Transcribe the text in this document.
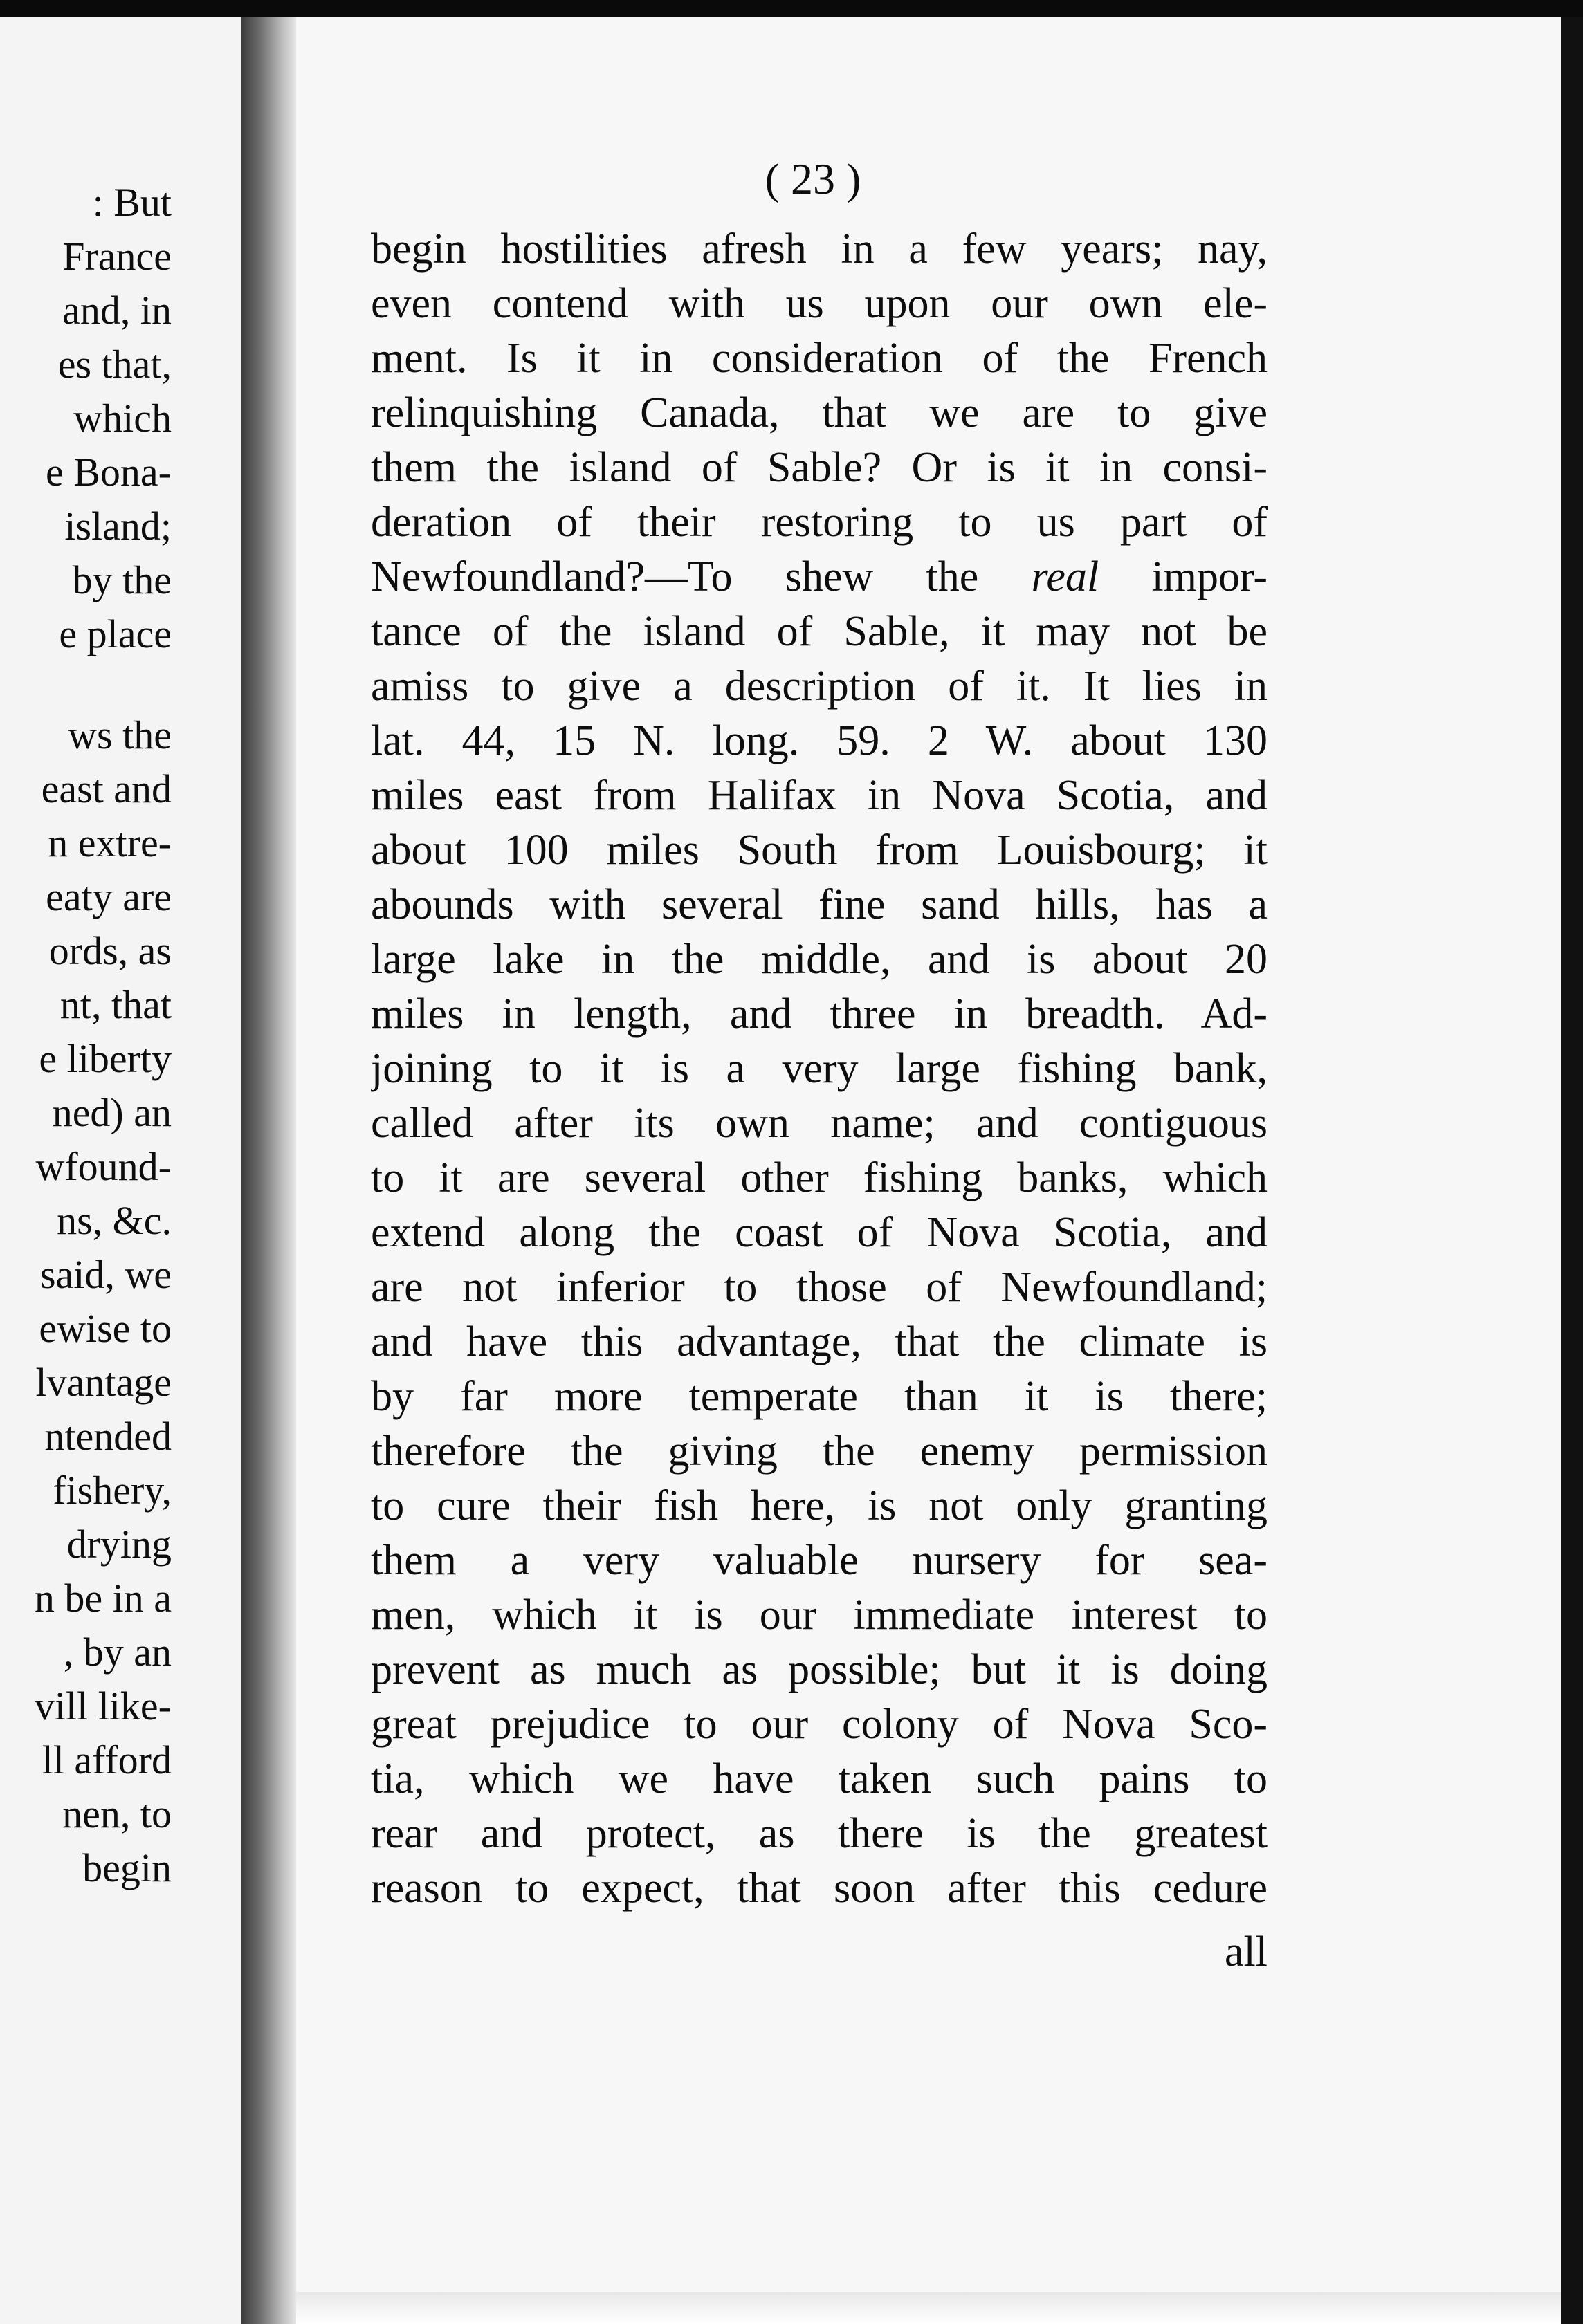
: But
France
and, in
es that,
which
e Bona-
island;
by the
e place
ws the
east and
n extre-
eaty are
ords, as
nt, that
e liberty
ned) an
wfound-
ns, &c.
said, we
ewise to
lvantage
ntended
fishery,
drying
n be in a
, by an
vill like-
ll afford
nen, to
begin
( 23 )
begin hostilities afresh in a few years; nay,
even contend with us upon our own ele-
ment. Is it in consideration of the French
relinquishing Canada, that we are to give
them the island of Sable? Or is it in consi-
deration of their restoring to us part of
Newfoundland?—To shew the real impor-
tance of the island of Sable, it may not be
amiss to give a description of it. It lies in
lat. 44, 15 N. long. 59. 2 W. about 130
miles east from Halifax in Nova Scotia, and
about 100 miles South from Louisbourg; it
abounds with several fine sand hills, has a
large lake in the middle, and is about 20
miles in length, and three in breadth. Ad-
joining to it is a very large fishing bank,
called after its own name; and contiguous
to it are several other fishing banks, which
extend along the coast of Nova Scotia, and
are not inferior to those of Newfoundland;
and have this advantage, that the climate is
by far more temperate than it is there;
therefore the giving the enemy permission
to cure their fish here, is not only granting
them a very valuable nursery for sea-
men, which it is our immediate interest to
prevent as much as possible; but it is doing
great prejudice to our colony of Nova Sco-
tia, which we have taken such pains to
rear and protect, as there is the greatest
reason to expect, that soon after this cedure
all
